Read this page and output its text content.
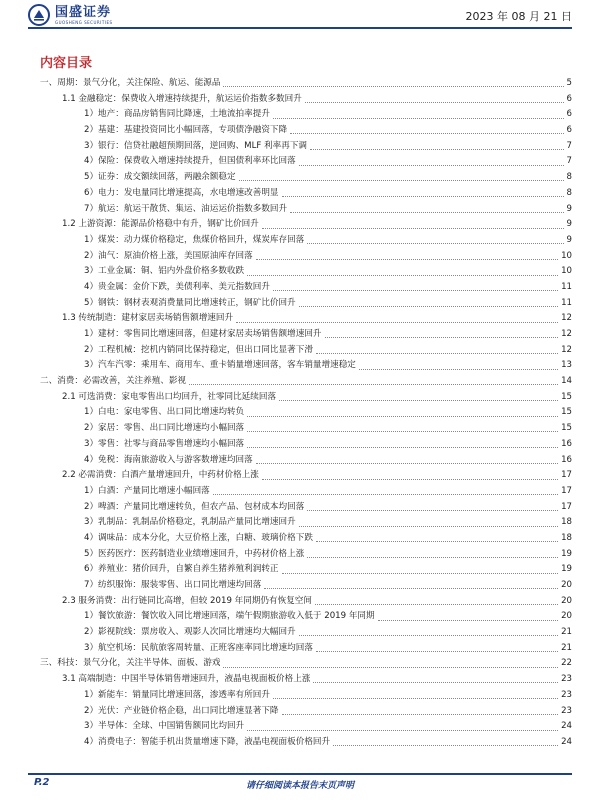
国盛证券
GUOSHENG SECURITIES	2023 年 08 月 21 日
内容目录
一、周期：景气分化，关注保险、航运、能源品	5
1.1 金融稳定：保费收入增速持续提升，航运运价指数多数回升	6
1）地产：商品房销售同比降速，土地流拍率提升	6
2）基建：基建投资同比小幅回落，专项债净融资下降	6
3）银行：信贷社融超预期回落，逆回购、MLF 利率再下调	7
4）保险：保费收入增速持续提升，但国债利率环比回落	7
5）证券：成交额续回落，两融余额稳定	8
6）电力：发电量同比增速提高，水电增速改善明显	8
7）航运：航运干散货、集运、油运运价指数多数回升	9
1.2 上游资源：能源品价格稳中有升，钢矿比价回升	9
1）煤炭：动力煤价格稳定，焦煤价格回升，煤炭库存回落	9
2）油气：原油价格上涨，美国原油库存回落	10
3）工业金属：铜、铝内外盘价格多数收跌	10
4）贵金属：金价下跌，美债利率、美元指数回升	11
5）钢铁：钢材表观消费量同比增速转正，钢矿比价回升	11
1.3 传统制造：建材家居卖场销售额增速回升	12
1）建材：零售同比增速回落，但建材家居卖场销售额增速回升	12
2）工程机械：挖机内销同比保持稳定，但出口同比显著下滑	12
3）汽车汽零：乘用车、商用车、重卡销量增速回落，客车销量增速稳定	13
二、消费：必需改善，关注养殖、影视	14
2.1 可选消费：家电零售出口均回升，社零同比延续回落	15
1）白电：家电零售、出口同比增速均转负	15
2）家居：零售、出口同比增速均小幅回落	15
3）零售：社零与商品零售增速均小幅回落	16
4）免税：海南旅游收入与游客数增速均回落	16
2.2 必需消费：白酒产量增速回升，中药材价格上涨	17
1）白酒：产量同比增速小幅回落	17
2）啤酒：产量同比增速转负，但农产品、包材成本均回落	17
3）乳制品：乳制品价格稳定，乳制品产量同比增速回升	18
4）调味品：成本分化，大豆价格上涨，白糖、玻璃价格下跌	18
5）医药医疗：医药制造业业绩增速回升，中药材价格上涨	19
6）养殖业：猪价回升，自繁自养生猪养殖利润转正	19
7）纺织服饰：服装零售、出口同比增速均回落	20
2.3 服务消费：出行链同比高增，但较 2019 年同期仍有恢复空间	20
1）餐饮旅游：餐饮收入同比增速回落，端午假期旅游收入低于 2019 年同期	20
2）影视院线：票房收入、观影人次同比增速均大幅回升	21
3）航空机场：民航旅客周转量、正班客座率同比增速均回落	21
三、科技：景气分化，关注半导体、面板、游戏	22
3.1 高端制造：中国半导体销售增速回升，液晶电视面板价格上涨	23
1）新能车：销量同比增速回落，渗透率有所回升	23
2）光伏：产业链价格企稳，出口同比增速显著下降	23
3）半导体：全球、中国销售额同比均回升	24
4）消费电子：智能手机出货量增速下降，液晶电视面板价格回升	24
P.2	请仔细阅读本报告末页声明
